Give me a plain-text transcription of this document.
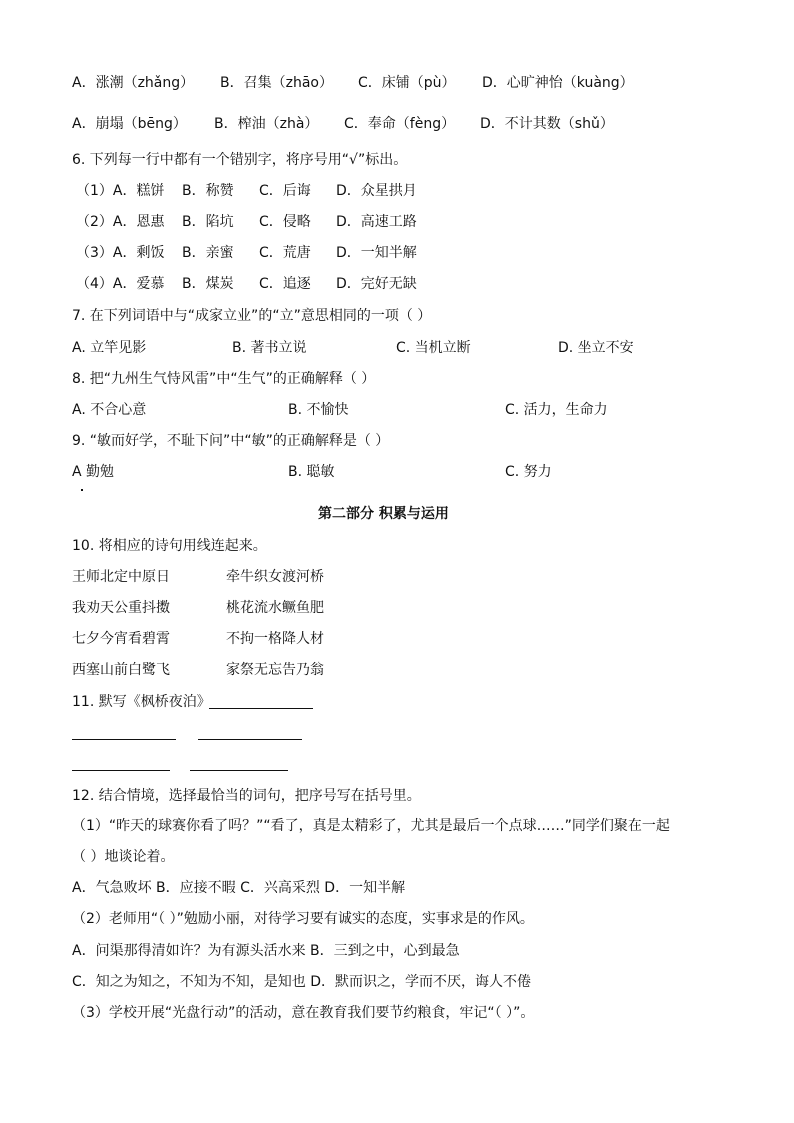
A．涨潮（zhǎng） B．召集（zhāo） C．床铺（pù） D．心旷神怡（kuàng）
A．崩塌（bēng） B．榨油（zhà） C．奉命（fèng） D．不计其数（shǔ）
6. 下列每一行中都有一个错别字，将序号用“√”标出。
（1）A．糕饼 B．称赞 C．后诲 D．众星拱月
（2）A．恩惠 B．陷坑 C．侵略 D．高速工路
（3）A．剩饭 B．亲蜜 C．荒唐 D．一知半解
（4）A．爱慕 B．煤炭 C．追逐 D．完好无缺
7. 在下列词语中与“成家立业”的“立”意思相同的一项（ ）
A. 立竿见影	B. 著书立说	C. 当机立断	D. 坐立不安
8. 把“九州生气恃风雷”中“生气”的正确解释（ ）
A. 不合心意	B. 不愉快	C. 活力，生命力
9. “敏而好学，不耻下问”中“敏”的正确解释是（ ）
A 勤勉	B. 聪敏	C. 努力
第二部分 积累与运用
10. 将相应的诗句用线连起来。
王师北定中原日	牵牛织女渡河桥
我劝天公重抖擞	桃花流水鳜鱼肥
七夕今宵看碧霄	不拘一格降人材
西塞山前白鹭飞	家祭无忘告乃翁
11. 默写《枫桥夜泊》
12. 结合情境，选择最恰当的词句，把序号写在括号里。
（1）“昨天的球赛你看了吗？”“看了，真是太精彩了，尤其是最后一个点球……”同学们聚在一起
（ ）地谈论着。
A．气急败坏 B．应接不暇 C．兴高采烈 D．一知半解
（2）老师用“（ ）”勉励小丽，对待学习要有诚实的态度，实事求是的作风。
A．问渠那得清如许？为有源头活水来 B．三到之中，心到最急
C．知之为知之，不知为不知，是知也 D．默而识之，学而不厌，诲人不倦
（3）学校开展“光盘行动”的活动，意在教育我们要节约粮食，牢记“（ ）”。
